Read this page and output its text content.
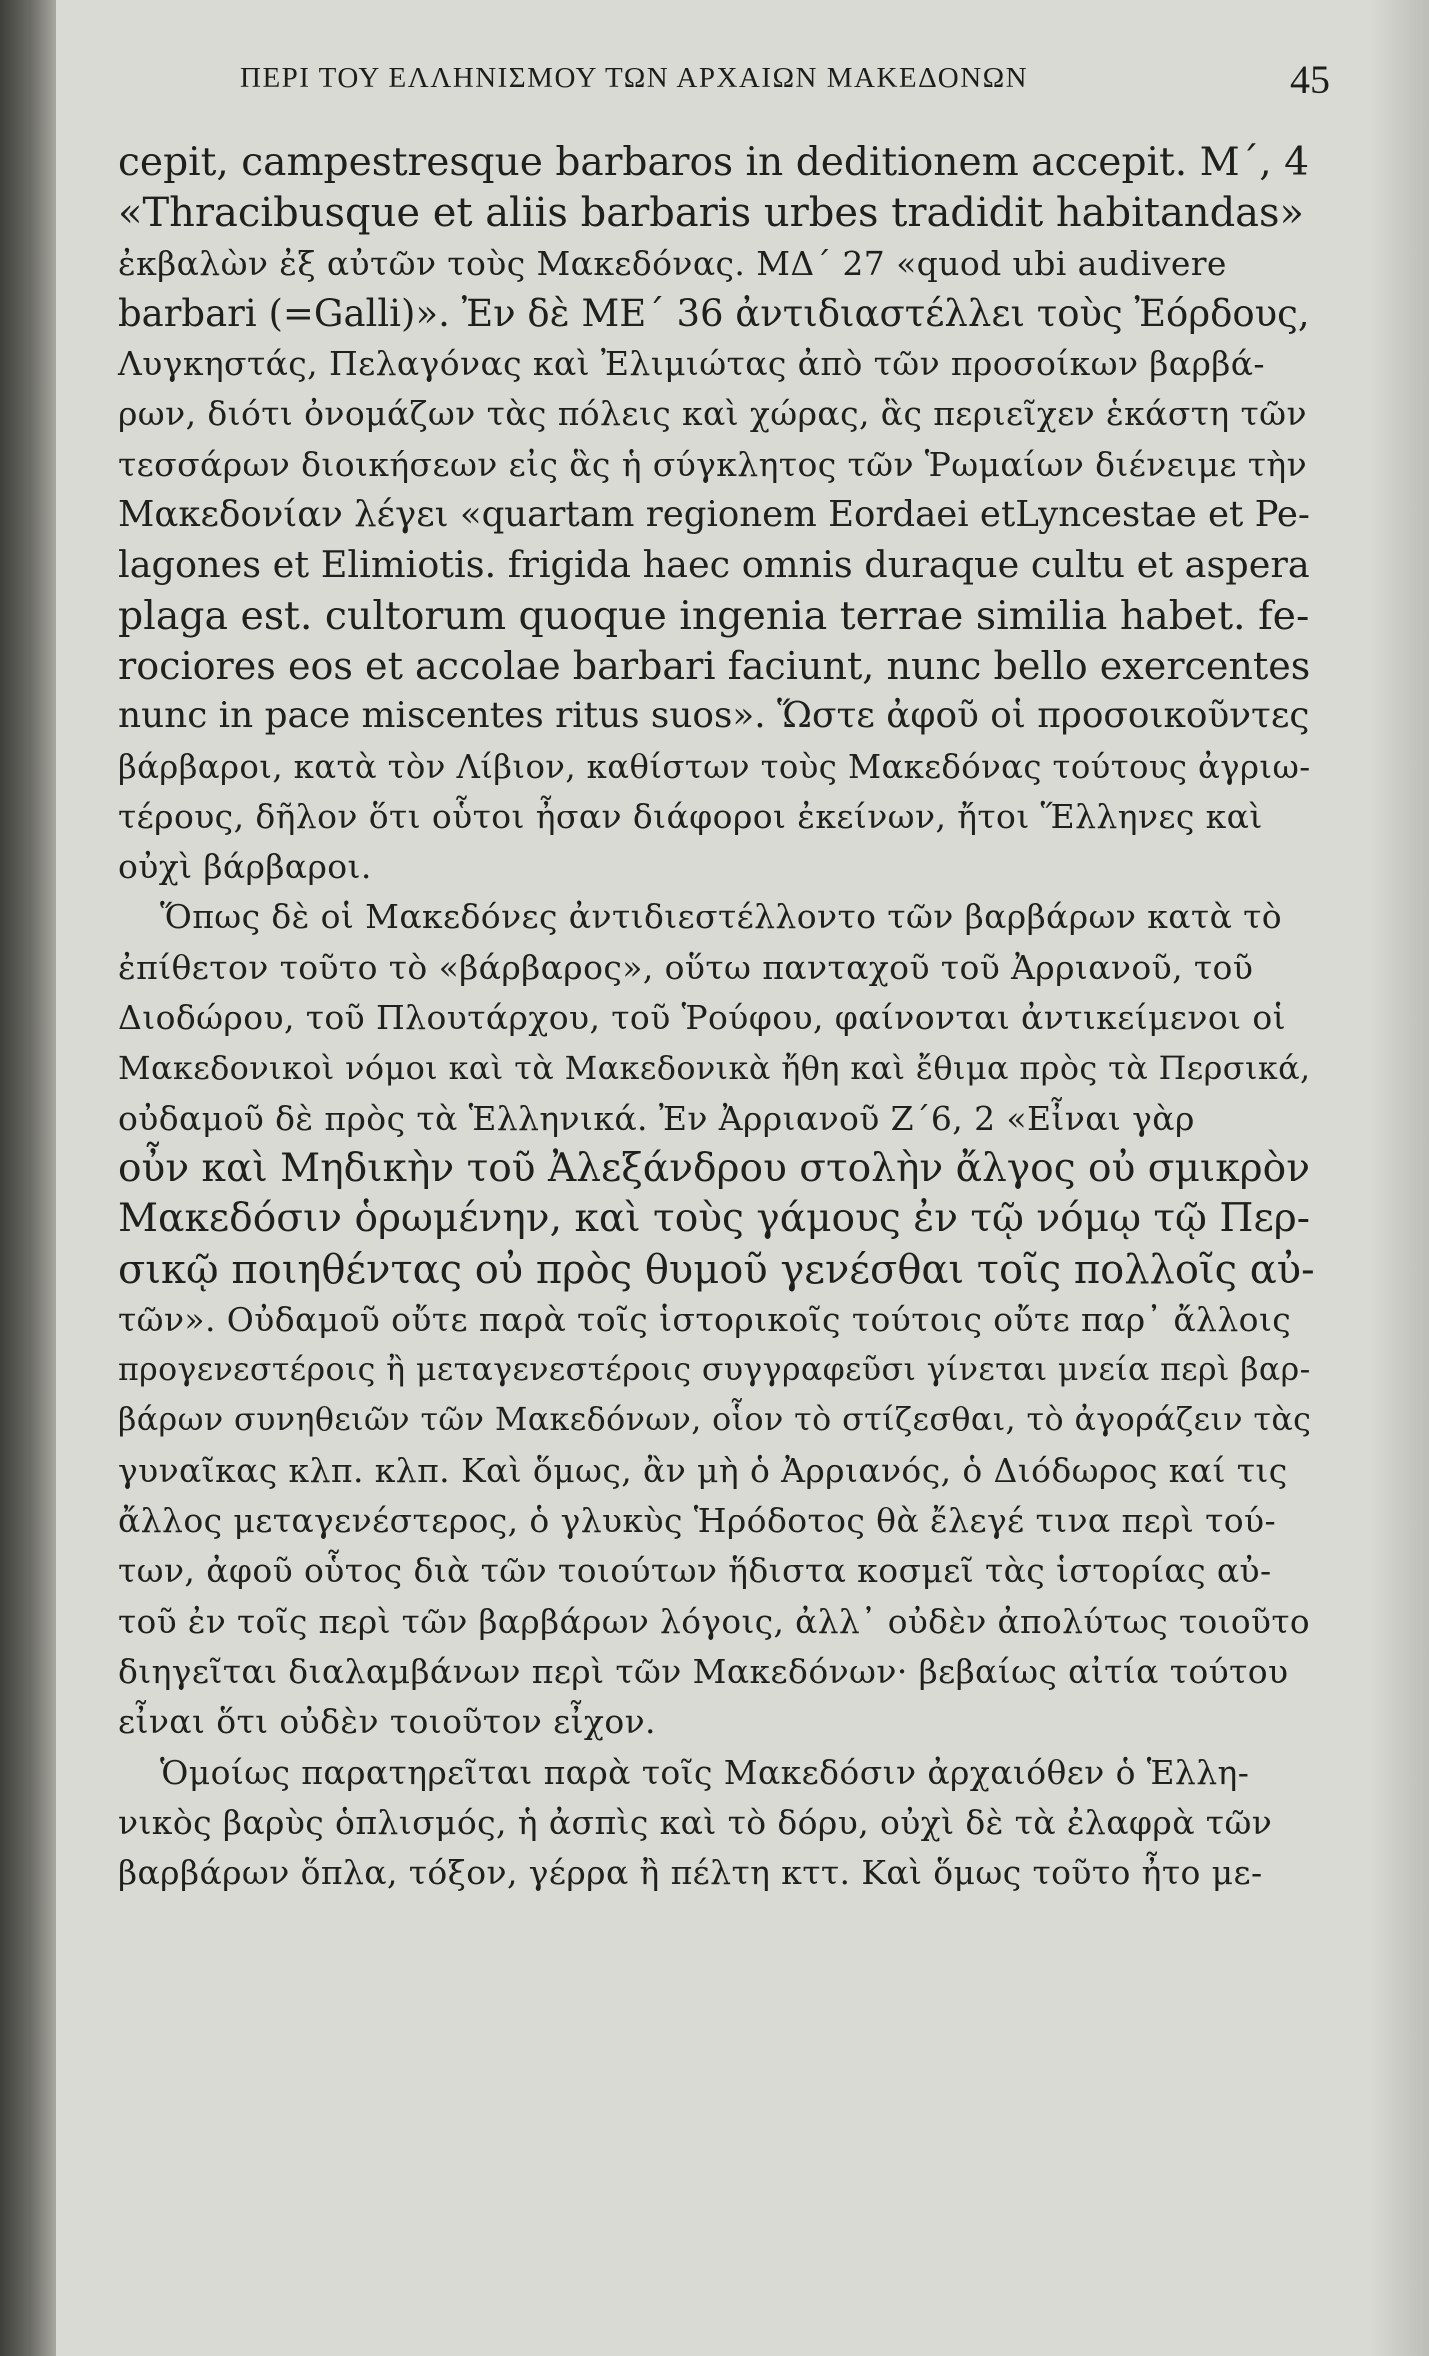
ΠΕΡΙ ΤΟΥ ΕΛΛΗΝΙΣΜΟΥ ΤΩΝ ΑΡΧΑΙΩΝ ΜΑΚΕΔΟΝΩΝ	45
cepit, campestresque barbaros in deditionem accepit. Μ΄, 4
«Thracibusque et aliis barbaris urbes tradidit habitandas»
ἐκβαλὼν ἐξ αὐτῶν τοὺς Μακεδόνας. ΜΔ΄ 27 «quod ubi audivere
barbari (=Galli)». Ἐν δὲ ΜΕ΄ 36 ἀντιδιαστέλλει τοὺς Ἐόρδους,
Λυγκηστάς, Πελαγόνας καὶ Ἐλιμιώτας ἀπὸ τῶν προσοίκων βαρβά-
ρων, διότι ὀνομάζων τὰς πόλεις καὶ χώρας, ἃς περιεῖχεν ἑκάστη τῶν
τεσσάρων διοικήσεων εἰς ἃς ἡ σύγκλητος τῶν Ῥωμαίων διένειμε τὴν
Μακεδονίαν λέγει «quartam regionem Eordaei etLyncestae et Pe-
lagones et Elimiotis. frigida haec omnis duraque cultu et aspera
plaga est. cultorum quoque ingenia terrae similia habet. fe-
rociores eos et accolae barbari faciunt, nunc bello exercentes
nunc in pace miscentes ritus suos». Ὥστε ἀφοῦ οἱ προσοικοῦντες
βάρβαροι, κατὰ τὸν Λίβιον, καθίστων τοὺς Μακεδόνας τούτους ἀγριω-
τέρους, δῆλον ὅτι οὗτοι ἦσαν διάφοροι ἐκείνων, ἤτοι Ἕλληνες καὶ
οὐχὶ βάρβαροι.
Ὅπως δὲ οἱ Μακεδόνες ἀντιδιεστέλλοντο τῶν βαρβάρων κατὰ τὸ
ἐπίθετον τοῦτο τὸ «βάρβαρος», οὕτω πανταχοῦ τοῦ Ἀρριανοῦ, τοῦ
Διοδώρου, τοῦ Πλουτάρχου, τοῦ Ῥούφου, φαίνονται ἀντικείμενοι οἱ
Μακεδονικοὶ νόμοι καὶ τὰ Μακεδονικὰ ἤθη καὶ ἔθιμα πρὸς τὰ Περσικά,
οὐδαμοῦ δὲ πρὸς τὰ Ἑλληνικά. Ἐν Ἀρριανοῦ Ζ΄6, 2 «Εἶναι γὰρ
οὖν καὶ Μηδικὴν τοῦ Ἀλεξάνδρου στολὴν ἄλγος οὐ σμικρὸν
Μακεδόσιν ὁρωμένην, καὶ τοὺς γάμους ἐν τῷ νόμῳ τῷ Περ-
σικῷ ποιηθέντας οὐ πρὸς θυμοῦ γενέσθαι τοῖς πολλοῖς αὐ-
τῶν». Οὐδαμοῦ οὔτε παρὰ τοῖς ἱστορικοῖς τούτοις οὔτε παρ᾽ ἄλλοις
προγενεστέροις ἢ μεταγενεστέροις συγγραφεῦσι γίνεται μνεία περὶ βαρ-
βάρων συνηθειῶν τῶν Μακεδόνων, οἷον τὸ στίζεσθαι, τὸ ἀγοράζειν τὰς
γυναῖκας κλπ. κλπ. Καὶ ὅμως, ἂν μὴ ὁ Ἀρριανός, ὁ Διόδωρος καί τις
ἄλλος μεταγενέστερος, ὁ γλυκὺς Ἡρόδοτος θὰ ἔλεγέ τινα περὶ τού-
των, ἀφοῦ οὗτος διὰ τῶν τοιούτων ἥδιστα κοσμεῖ τὰς ἱστορίας αὐ-
τοῦ ἐν τοῖς περὶ τῶν βαρβάρων λόγοις, ἀλλ᾽ οὐδὲν ἀπολύτως τοιοῦτο
διηγεῖται διαλαμβάνων περὶ τῶν Μακεδόνων· βεβαίως αἰτία τούτου
εἶναι ὅτι οὐδὲν τοιοῦτον εἶχον.
Ὁμοίως παρατηρεῖται παρὰ τοῖς Μακεδόσιν ἀρχαιόθεν ὁ Ἑλλη-
νικὸς βαρὺς ὁπλισμός, ἡ ἀσπὶς καὶ τὸ δόρυ, οὐχὶ δὲ τὰ ἐλαφρὰ τῶν
βαρβάρων ὅπλα, τόξον, γέρρα ἢ πέλτη κττ. Καὶ ὅμως τοῦτο ἦτο με-
